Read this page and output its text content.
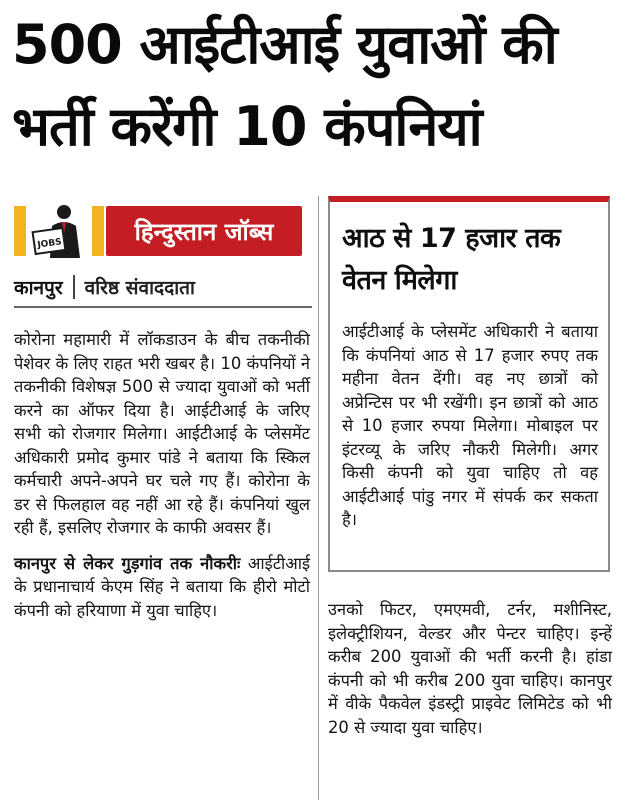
500 आईटीआई युवाओं की
भर्ती करेंगी 10 कंपनियां
JOBS	हिन्दुस्तान जॉब्स
कानपुर वरिष्ठ संवाददाता

कोरोना महामारी में लॉकडाउन के बीच तकनीकी पेशेवर के लिए राहत भरी खबर है। 10 कंपनियों ने तकनीकी विशेषज्ञ 500 से ज्यादा युवाओं को भर्ती करने का ऑफर दिया है। आईटीआई के जरिए सभी को रोजगार मिलेगा। आईटीआई के प्लेसमेंट अधिकारी प्रमोद कुमार पांडे ने बताया कि स्किल कर्मचारी अपने-अपने घर चले गए हैं। कोरोना के डर से फिलहाल वह नहीं आ रहे हैं। कंपनियां खुल रही हैं, इसलिए रोजगार के काफी अवसर हैं।

कानपुर से लेकर गुड़गांव तक नौकरीः आईटीआई के प्रधानाचार्य केएम सिंह ने बताया कि हीरो मोटो कंपनी को हरियाणा में युवा चाहिए।

आठ से 17 हजार तक वेतन मिलेगा
आईटीआई के प्लेसमेंट अधिकारी ने बताया कि कंपनियां आठ से 17 हजार रुपए तक महीना वेतन देंगी। वह नए छात्रों को अप्रेन्टिस पर भी रखेंगी। इन छात्रों को आठ से 10 हजार रुपया मिलेगा। मोबाइल पर इंटरव्यू के जरिए नौकरी मिलेगी। अगर किसी कंपनी को युवा चाहिए तो वह आईटीआई पांडु नगर में संपर्क कर सकता है।

उनको फिटर, एमएमवी, टर्नर, मशीनिस्ट, इलेक्ट्रीशियन, वेल्डर और पेन्टर चाहिए। इन्हें करीब 200 युवाओं की भर्ती करनी है। हांडा कंपनी को भी करीब 200 युवा चाहिए। कानपुर में वीके पैकवेल इंडस्ट्री प्राइवेट लिमिटेड को भी 20 से ज्यादा युवा चाहिए।
